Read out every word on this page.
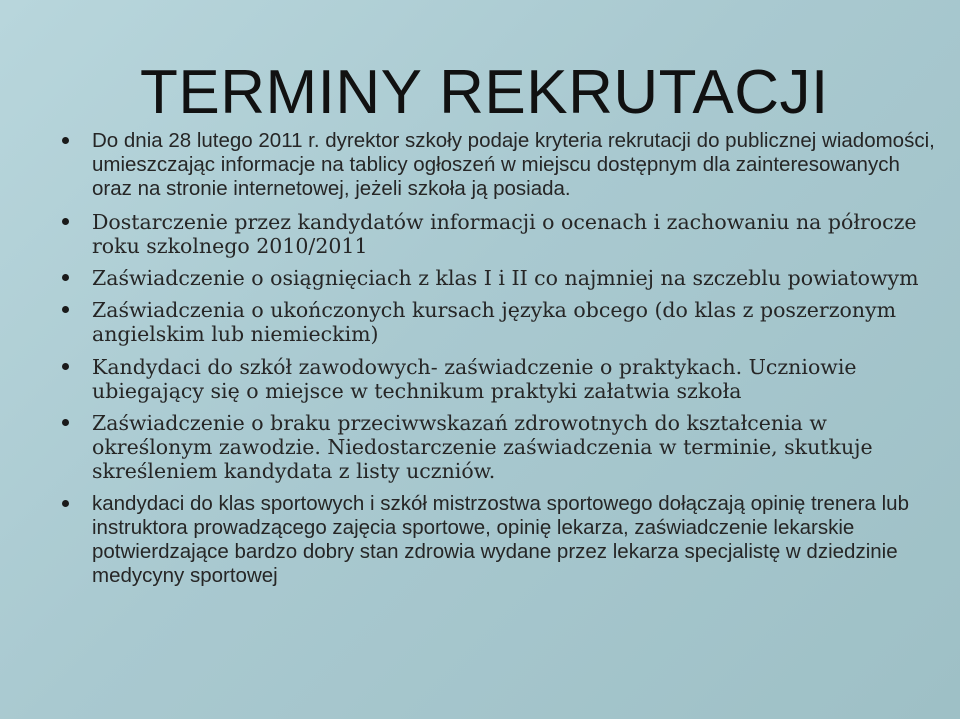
TERMINY REKRUTACJI
Do dnia 28 lutego 2011 r. dyrektor szkoły podaje kryteria rekrutacji do publicznej wiadomości, umieszczając informacje na tablicy ogłoszeń w miejscu dostępnym dla zainteresowanych oraz na stronie internetowej, jeżeli szkoła ją posiada.
Dostarczenie przez kandydatów informacji o ocenach i zachowaniu na półrocze roku szkolnego 2010/2011
Zaświadczenie o osiągnięciach z klas I i II co najmniej na szczeblu powiatowym
Zaświadczenia o ukończonych kursach języka obcego (do klas z poszerzonym angielskim lub niemieckim)
Kandydaci do szkół zawodowych- zaświadczenie o praktykach. Uczniowie ubiegający się o miejsce w technikum praktyki załatwia szkoła
Zaświadczenie o braku przeciwwskazań zdrowotnych do kształcenia w określonym zawodzie. Niedostarczenie zaświadczenia w terminie, skutkuje skreśleniem kandydata z listy uczniów.
kandydaci do klas sportowych i szkół mistrzostwa sportowego dołączają opinię trenera lub instruktora prowadzącego zajęcia sportowe, opinię lekarza, zaświadczenie lekarskie potwierdzające bardzo dobry stan zdrowia wydane przez lekarza specjalistę w dziedzinie medycyny sportowej
